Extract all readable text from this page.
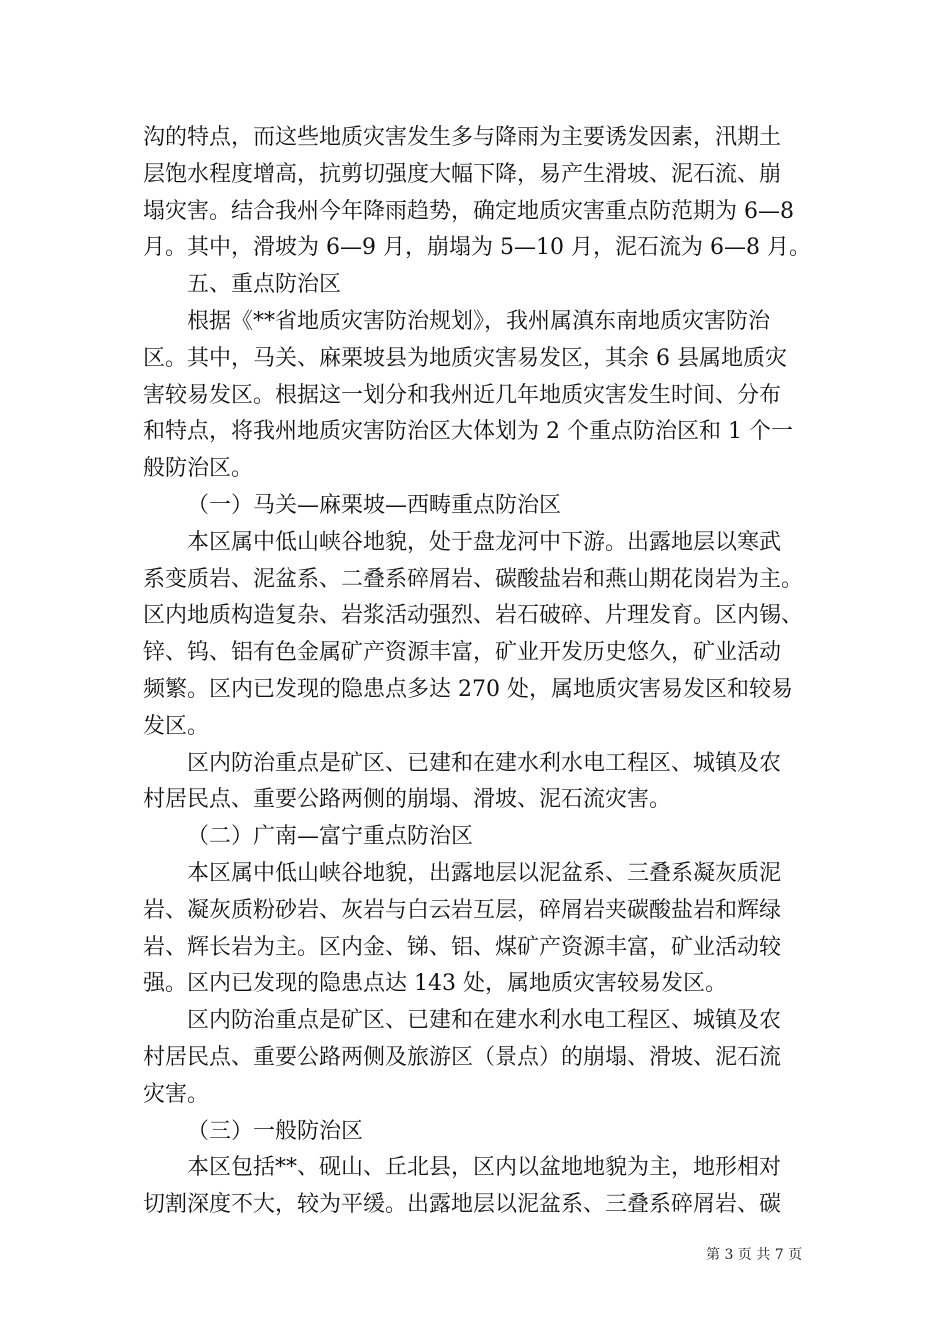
沟的特点，而这些地质灾害发生多与降雨为主要诱发因素，汛期土
层饱水程度增高，抗剪切强度大幅下降，易产生滑坡、泥石流、崩
塌灾害。结合我州今年降雨趋势，确定地质灾害重点防范期为 6—8
月。其中，滑坡为 6—9 月，崩塌为 5—10 月，泥石流为 6—8 月。

五、重点防治区

根据《**省地质灾害防治规划》，我州属滇东南地质灾害防治
区。其中，马关、麻栗坡县为地质灾害易发区，其余 6 县属地质灾
害较易发区。根据这一划分和我州近几年地质灾害发生时间、分布
和特点，将我州地质灾害防治区大体划为 2 个重点防治区和 1 个一
般防治区。

（一）马关—麻栗坡—西畴重点防治区

本区属中低山峡谷地貌，处于盘龙河中下游。出露地层以寒武
系变质岩、泥盆系、二叠系碎屑岩、碳酸盐岩和燕山期花岗岩为主。
区内地质构造复杂、岩浆活动强烈、岩石破碎、片理发育。区内锡、
锌、钨、铝有色金属矿产资源丰富，矿业开发历史悠久，矿业活动
频繁。区内已发现的隐患点多达 270 处，属地质灾害易发区和较易
发区。

区内防治重点是矿区、已建和在建水利水电工程区、城镇及农
村居民点、重要公路两侧的崩塌、滑坡、泥石流灾害。

（二）广南—富宁重点防治区

本区属中低山峡谷地貌，出露地层以泥盆系、三叠系凝灰质泥
岩、凝灰质粉砂岩、灰岩与白云岩互层，碎屑岩夹碳酸盐岩和辉绿
岩、辉长岩为主。区内金、锑、铝、煤矿产资源丰富，矿业活动较
强。区内已发现的隐患点达 143 处，属地质灾害较易发区。

区内防治重点是矿区、已建和在建水利水电工程区、城镇及农
村居民点、重要公路两侧及旅游区（景点）的崩塌、滑坡、泥石流
灾害。

（三）一般防治区

本区包括**、砚山、丘北县，区内以盆地地貌为主，地形相对
切割深度不大，较为平缓。出露地层以泥盆系、三叠系碎屑岩、碳

第 3 页 共 7 页
